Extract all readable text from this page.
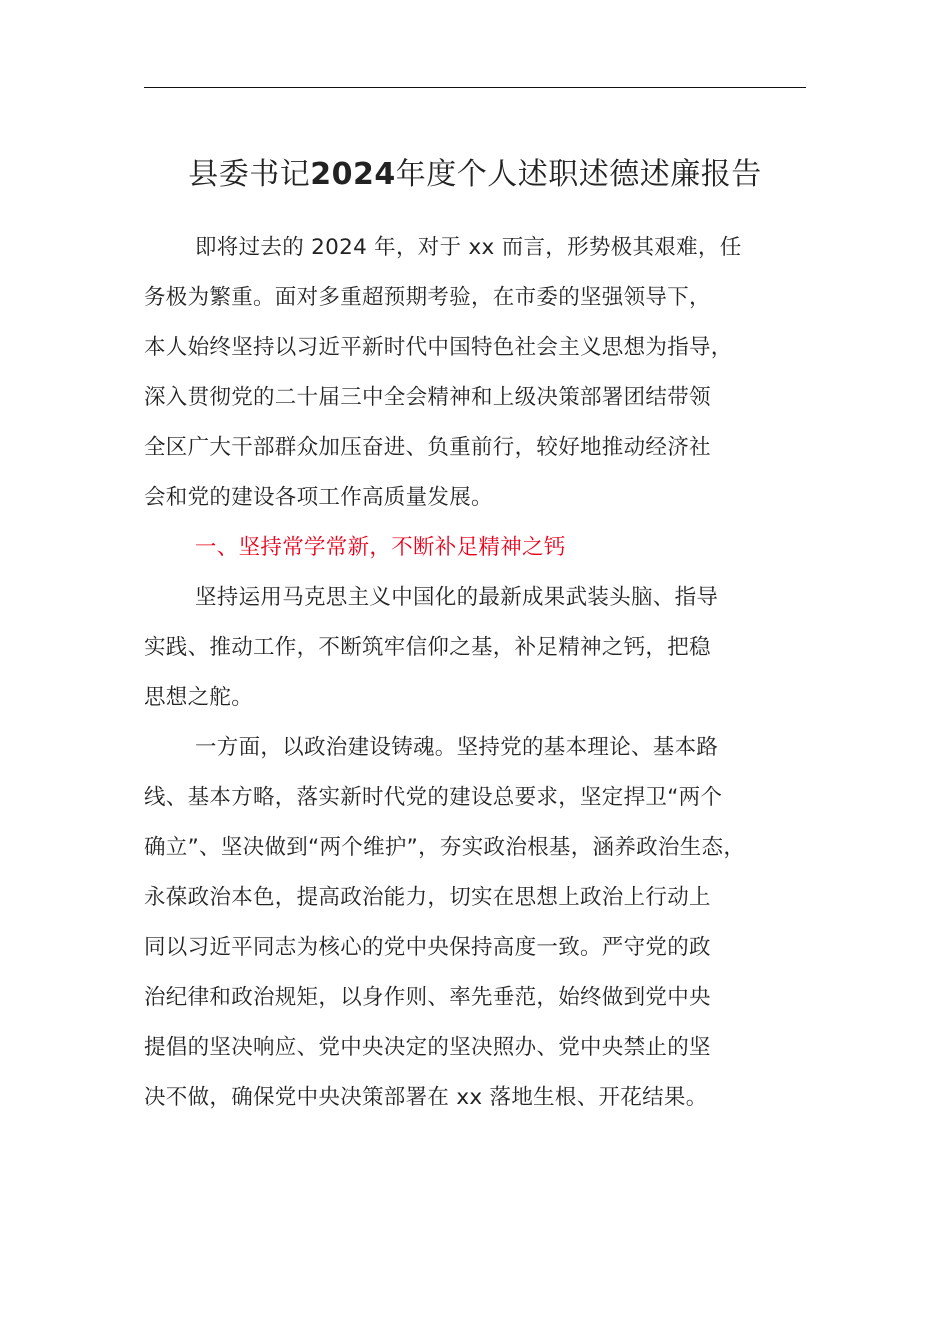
县委书记2024年度个人述职述德述廉报告
即将过去的 2024 年，对于 xx 而言，形势极其艰难，任
务极为繁重。面对多重超预期考验，在市委的坚强领导下，
本人始终坚持以习近平新时代中国特色社会主义思想为指导，
深入贯彻党的二十届三中全会精神和上级决策部署团结带领
全区广大干部群众加压奋进、负重前行，较好地推动经济社
会和党的建设各项工作高质量发展。
一、坚持常学常新，不断补足精神之钙
坚持运用马克思主义中国化的最新成果武装头脑、指导
实践、推动工作，不断筑牢信仰之基，补足精神之钙，把稳
思想之舵。
一方面，以政治建设铸魂。坚持党的基本理论、基本路
线、基本方略，落实新时代党的建设总要求，坚定捍卫“两个
确立”、坚决做到“两个维护”，夯实政治根基，涵养政治生态，
永葆政治本色，提高政治能力，切实在思想上政治上行动上
同以习近平同志为核心的党中央保持高度一致。严守党的政
治纪律和政治规矩，以身作则、率先垂范，始终做到党中央
提倡的坚决响应、党中央决定的坚决照办、党中央禁止的坚
决不做，确保党中央决策部署在 xx 落地生根、开花结果。
